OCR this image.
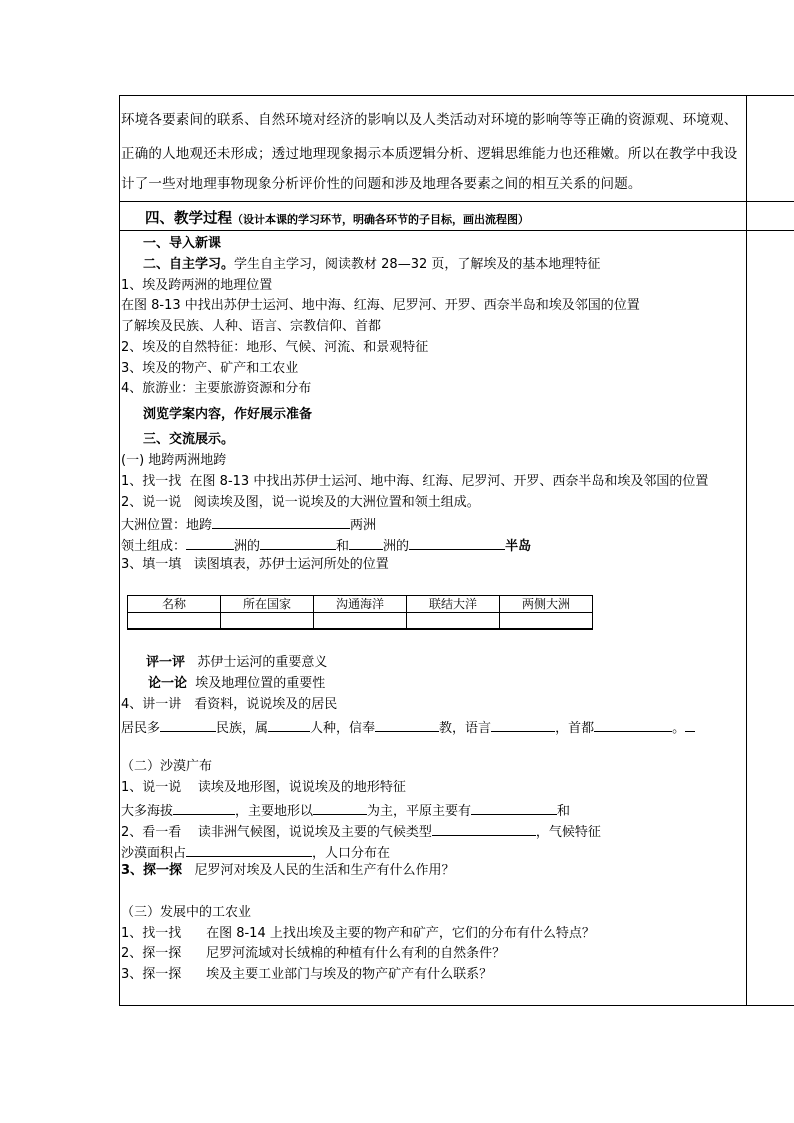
环境各要素间的联系、自然环境对经济的影响以及人类活动对环境的影响等等正确的资源观、环境观、
正确的人地观还未形成；透过地理现象揭示本质逻辑分析、逻辑思维能力也还稚嫩。所以在教学中我设
计了一些对地理事物现象分析评价性的问题和涉及地理各要素之间的相互关系的问题。
四、教学过程（设计本课的学习环节，明确各环节的子目标，画出流程图）
一、导入新课
二、自主学习。学生自主学习，阅读教材 28—32 页，了解埃及的基本地理特征
1、埃及跨两洲的地理位置
在图 8-13 中找出苏伊士运河、地中海、红海、尼罗河、开罗、西奈半岛和埃及邻国的位置
了解埃及民族、人种、语言、宗教信仰、首都
2、埃及的自然特征：地形、气候、河流、和景观特征
3、埃及的物产、矿产和工农业
4、旅游业：主要旅游资源和分布
浏览学案内容，作好展示准备
三、交流展示。
(一) 地跨两洲地跨
1、找一找 在图 8-13 中找出苏伊士运河、地中海、红海、尼罗河、开罗、西奈半岛和埃及邻国的位置
2、说一说 阅读埃及图，说一说埃及的大洲位置和领土组成。
大洲位置：地跨	两洲
领土组成：	洲的	和	洲的	半岛
3、填一填 读图填表，苏伊士运河所处的位置
名称	所在国家	沟通海洋	联结大洋	两侧大洲

评一评 苏伊士运河的重要意义
论一论 埃及地理位置的重要性
4、讲一讲　看资料，说说埃及的居民
居民多	民族，属	人种，信奉	教，语言	，首都	。
（二）沙漠广布
1、说一说 读埃及地形图，说说埃及的地形特征
大多海拔	，主要地形以	为主，平原主要有	和
2、看一看 读非洲气候图，说说埃及主要的气候类型	，气候特征
沙漠面积占	，人口分布在
3、探一探 尼罗河对埃及人民的生活和生产有什么作用？
（三）发展中的工农业
1、找一找 在图 8-14 上找出埃及主要的物产和矿产，它们的分布有什么特点？
2、探一探 尼罗河流域对长绒棉的种植有什么有利的自然条件？
3、探一探 埃及主要工业部门与埃及的物产矿产有什么联系？
